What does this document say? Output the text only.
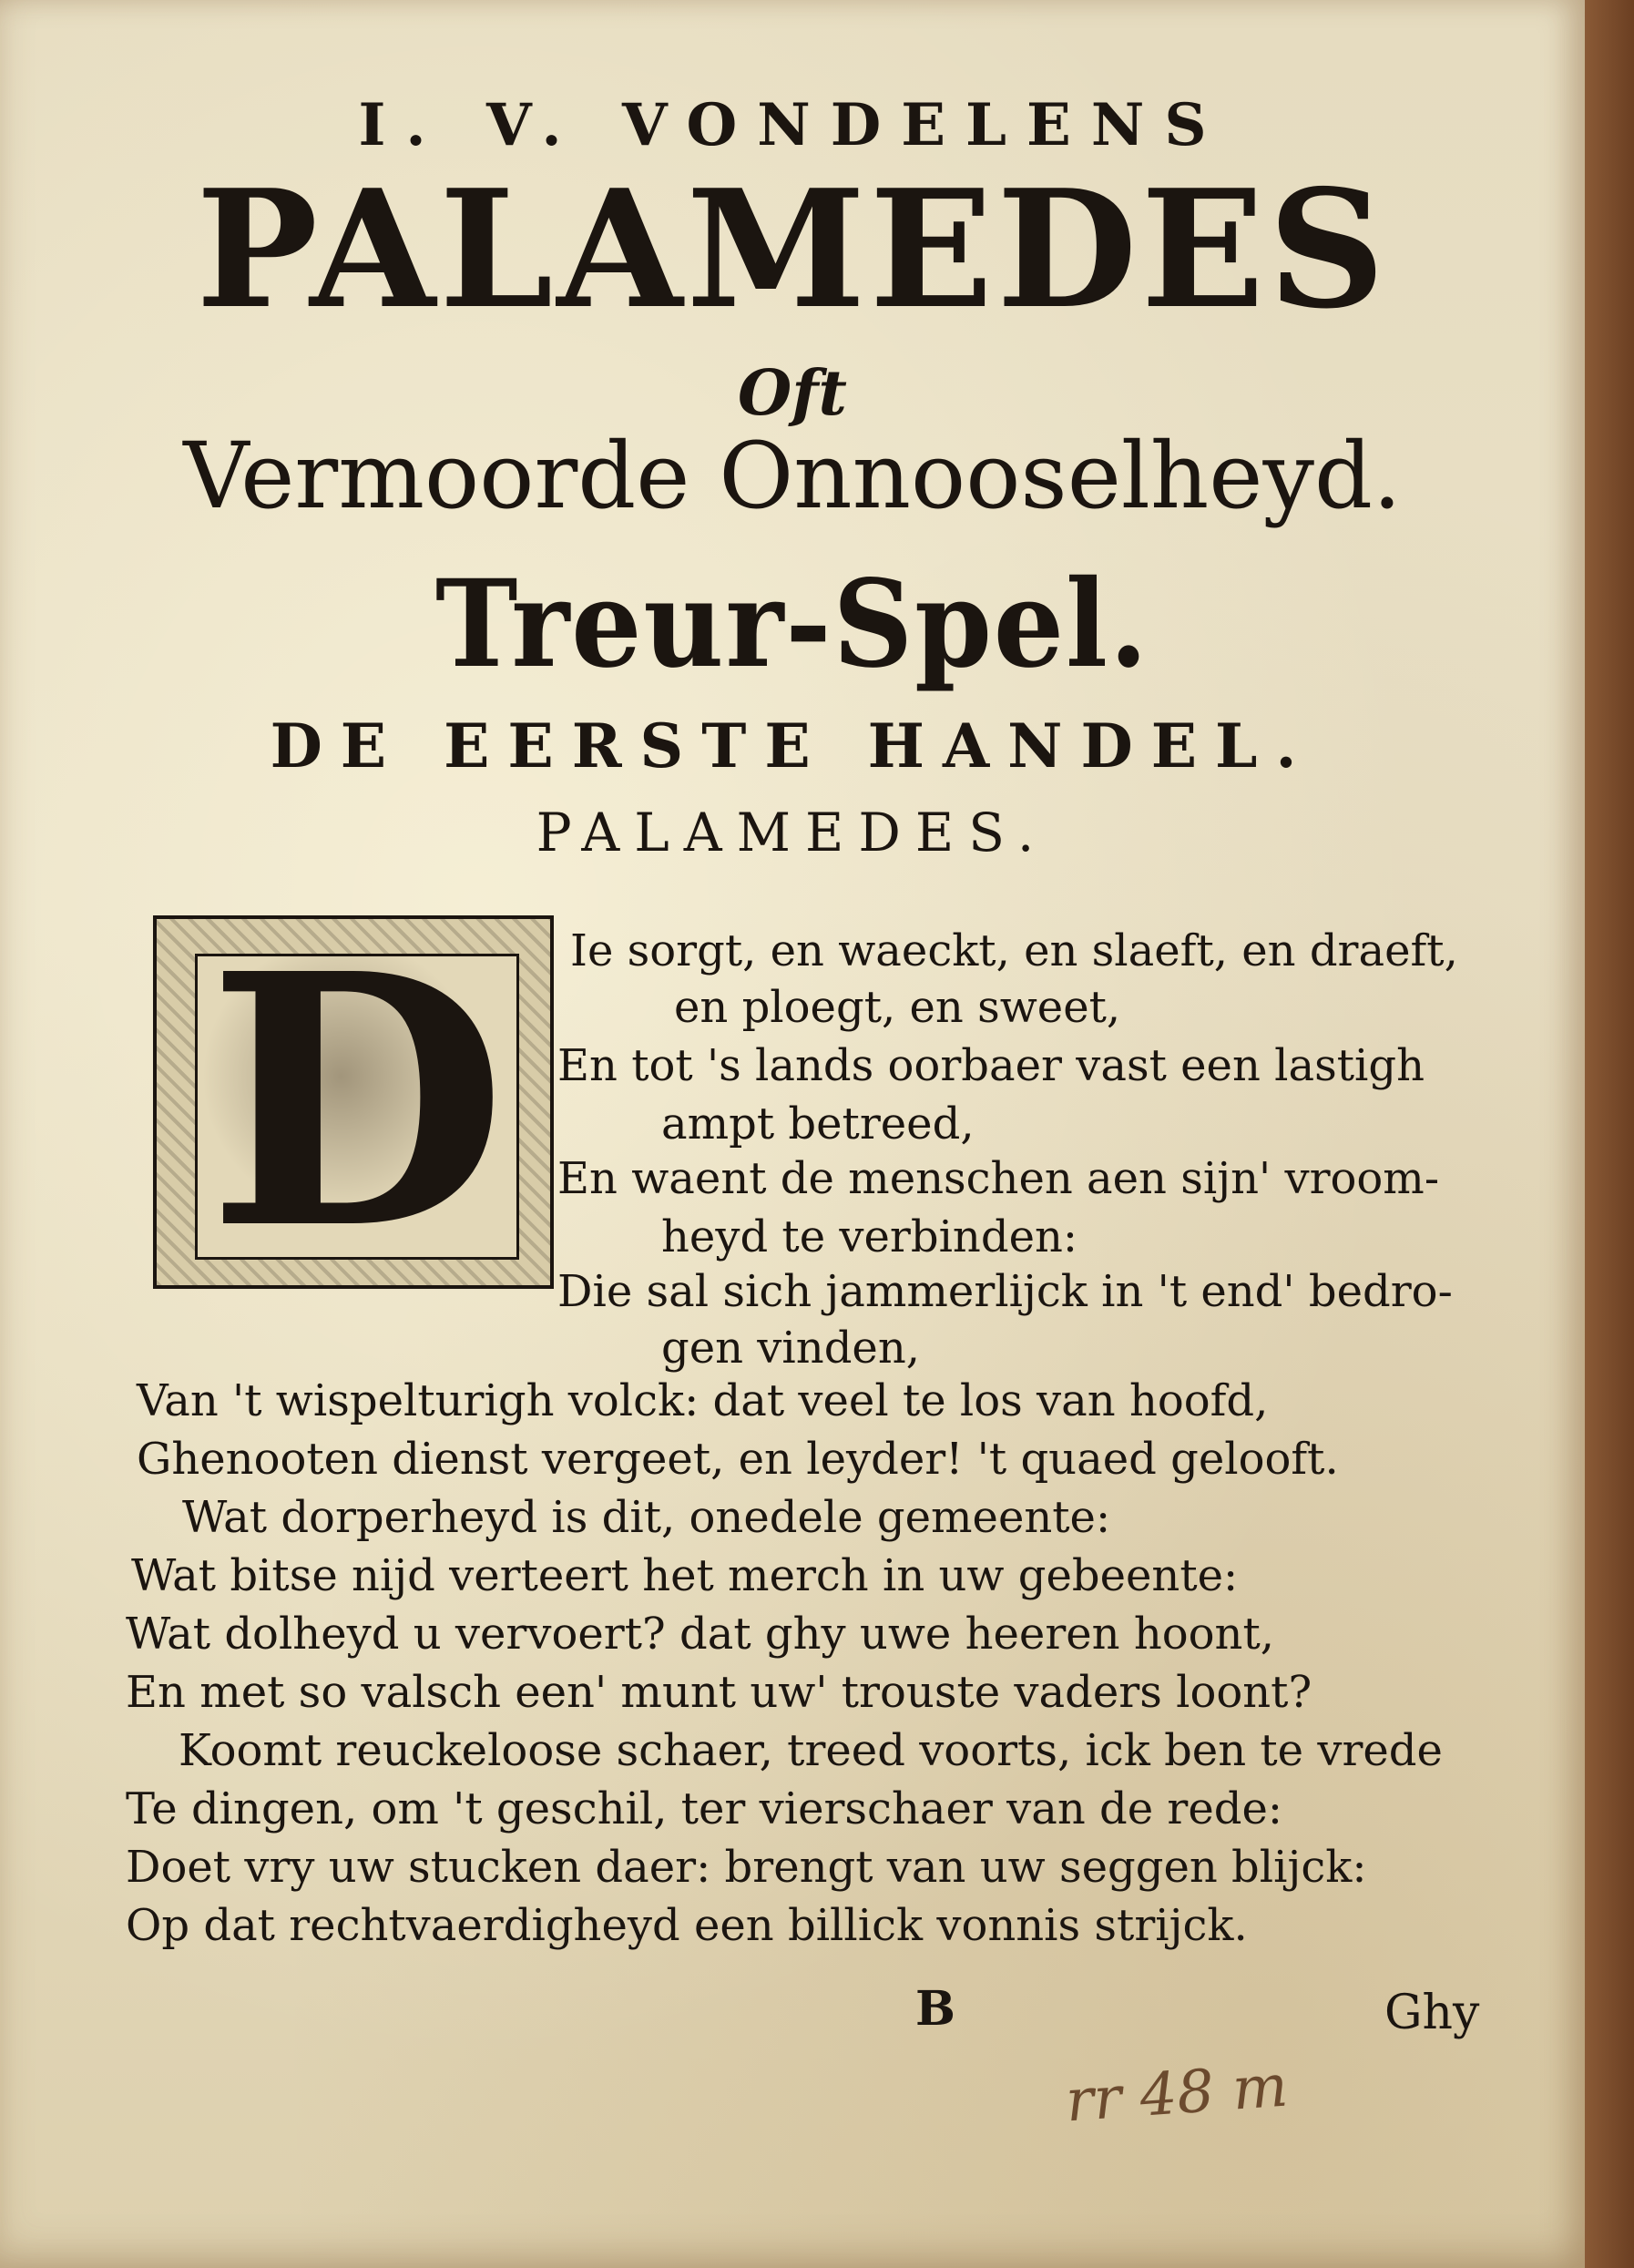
I. V. VONDELENS
PALAMEDES
Oft
Vermoorde Onnooselheyd.
Treur-Spel.
DE EERSTE HANDEL.
PALAMEDES.
D Ie sorgt, en waeckt, en slaeft, en draeft,
en ploegt, en sweet,
En tot 's lands oorbaer vast een lastigh
ampt betreed,
En waent de menschen aen sijn' vroom-
heyd te verbinden:
Die sal sich jammerlijck in 't end' bedro-
gen vinden,
Van 't wispelturigh volck: dat veel te los van hoofd,
Ghenooten dienst vergeet, en leyder! 't quaed gelooft.
Wat dorperheyd is dit, onedele gemeente:
Wat bitse nijd verteert het merch in uw gebeente:
Wat dolheyd u vervoert? dat ghy uwe heeren hoont,
En met so valsch een' munt uw' trouste vaders loont?
Koomt reuckeloose schaer, treed voorts, ick ben te vrede
Te dingen, om 't geschil, ter vierschaer van de rede:
Doet vry uw stucken daer: brengt van uw seggen blijck:
Op dat rechtvaerdigheyd een billick vonnis strijck.
B	Ghy
rr 48 m
